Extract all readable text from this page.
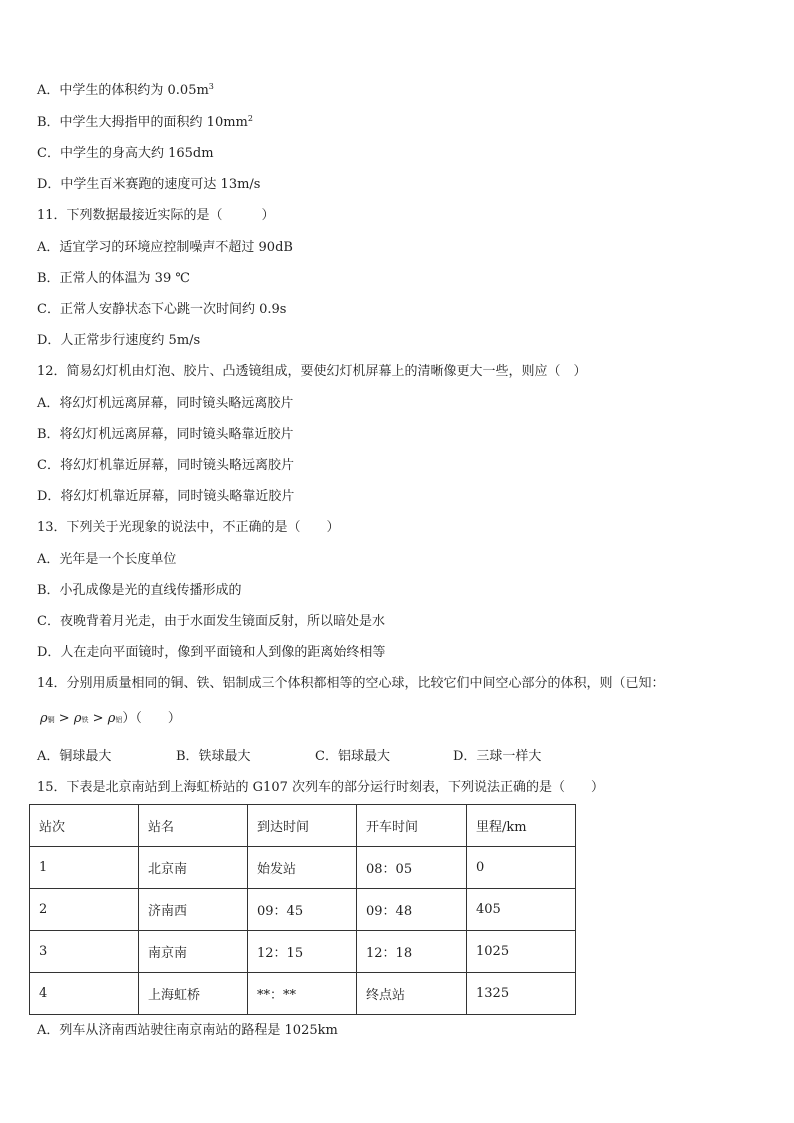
A．中学生的体积约为 $0.05m^3$
B．中学生大拇指甲的面积约 $10mm^2$
C．中学生的身高大约 165dm
D．中学生百米赛跑的速度可达 13m/s
11．下列数据最接近实际的是（　　　）
A．适宜学习的环境应控制噪声不超过 90dB
B．正常人的体温为 39 ℃
C．正常人安静状态下心跳一次时间约 0.9s
D．人正常步行速度约 5m/s
12．简易幻灯机由灯泡、胶片、凸透镜组成，要使幻灯机屏幕上的清晰像更大一些，则应（　）
A．将幻灯机远离屏幕，同时镜头略远离胶片
B．将幻灯机远离屏幕，同时镜头略靠近胶片
C．将幻灯机靠近屏幕，同时镜头略远离胶片
D．将幻灯机靠近屏幕，同时镜头略靠近胶片
13．下列关于光现象的说法中，不正确的是（　　）
A．光年是一个长度单位
B．小孔成像是光的直线传播形成的
C．夜晚背着月光走，由于水面发生镜面反射，所以暗处是水
D．人在走向平面镜时，像到平面镜和人到像的距离始终相等
14．分别用质量相同的铜、铁、铝制成三个体积都相等的空心球，比较它们中间空心部分的体积，则（已知：
ρ铜 > ρ铁 > ρ铝）（　　）
A．铜球最大	B．铁球最大	C．铝球最大	D．三球一样大
15．下表是北京南站到上海虹桥站的 G107 次列车的部分运行时刻表，下列说法正确的是（　　）
站次	站名	到达时间	开车时间	里程/km
1	北京南	始发站	08：05	0
2	济南西	09：45	09：48	405
3	南京南	12：15	12：18	1025
4	上海虹桥	**：**	终点站	1325
A．列车从济南西站驶往南京南站的路程是 1025km
